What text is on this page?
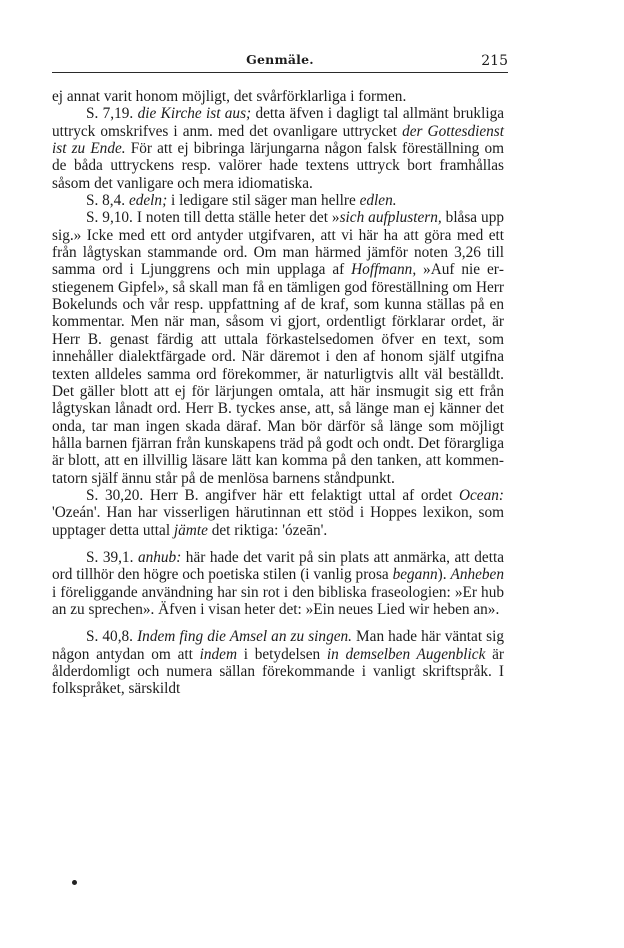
Genmäle.	215

ej annat varit honom möjligt, det svårförklarliga i formen.

S. 7,19. die Kirche ist aus; detta äfven i dagligt tal allmänt brukliga uttryck omskrifves i anm. med det ovanligare uttrycket der Gottesdienst ist zu Ende. För att ej bibringa lärjungarna någon falsk föreställning om de båda uttryckens resp. valörer hade textens uttryck bort framhållas såsom det vanligare och mera idiomatiska.

S. 8,4. edeln; i ledigare stil säger man hellre edlen.

S. 9,10. I noten till detta ställe heter det »sich aufplustern, blåsa upp sig.» Icke med ett ord antyder utgifvaren, att vi här ha att göra med ett från lågtyskan stammande ord. Om man härmed jämför noten 3,26 till samma ord i Ljunggrens och min upplaga af Hoffmann, »Auf nie erstiegenem Gipfel», så skall man få en tämligen god föreställning om Herr Bokelunds och vår resp. uppfattning af de kraf, som kunna ställas på en kommentar. Men när man, såsom vi gjort, ordentligt förklarar ordet, är Herr B. genast färdig att uttala förkastelsedomen öfver en text, som innehåller dialektfärgade ord. När däremot i den af honom själf utgifna texten alldeles samma ord förekommer, är naturligtvis allt väl beställdt. Det gäller blott att ej för lärjungen omtala, att här insmugit sig ett från lågtyskan lånadt ord. Herr B. tyckes anse, att, så länge man ej känner det onda, tar man ingen skada däraf. Man bör därför så länge som möjligt hålla barnen fjärran från kunskapens träd på godt och ondt. Det förargliga är blott, att en illvillig läsare lätt kan komma på den tanken, att kommentatorn själf ännu står på de menlösa barnens ståndpunkt.

S. 30,20. Herr B. angifver här ett felaktigt uttal af ordet Ocean: 'Ozeán'. Han har visserligen härutinnan ett stöd i Hoppes lexikon, som upptager detta uttal jämte det riktiga: 'ózeān'.

S. 39,1. anhub: här hade det varit på sin plats att anmärka, att detta ord tillhör den högre och poetiska stilen (i vanlig prosa begann). Anheben i föreliggande användning har sin rot i den bibliska fraseologien: »Er hub an zu sprechen». Äfven i visan heter det: »Ein neues Lied wir heben an».

S. 40,8. Indem fing die Amsel an zu singen. Man hade här väntat sig någon antydan om att indem i betydelsen in demselben Augenblick är ålderdomligt och numera sällan förekommande i vanligt skriftspråk. I folkspråket, särskildt
